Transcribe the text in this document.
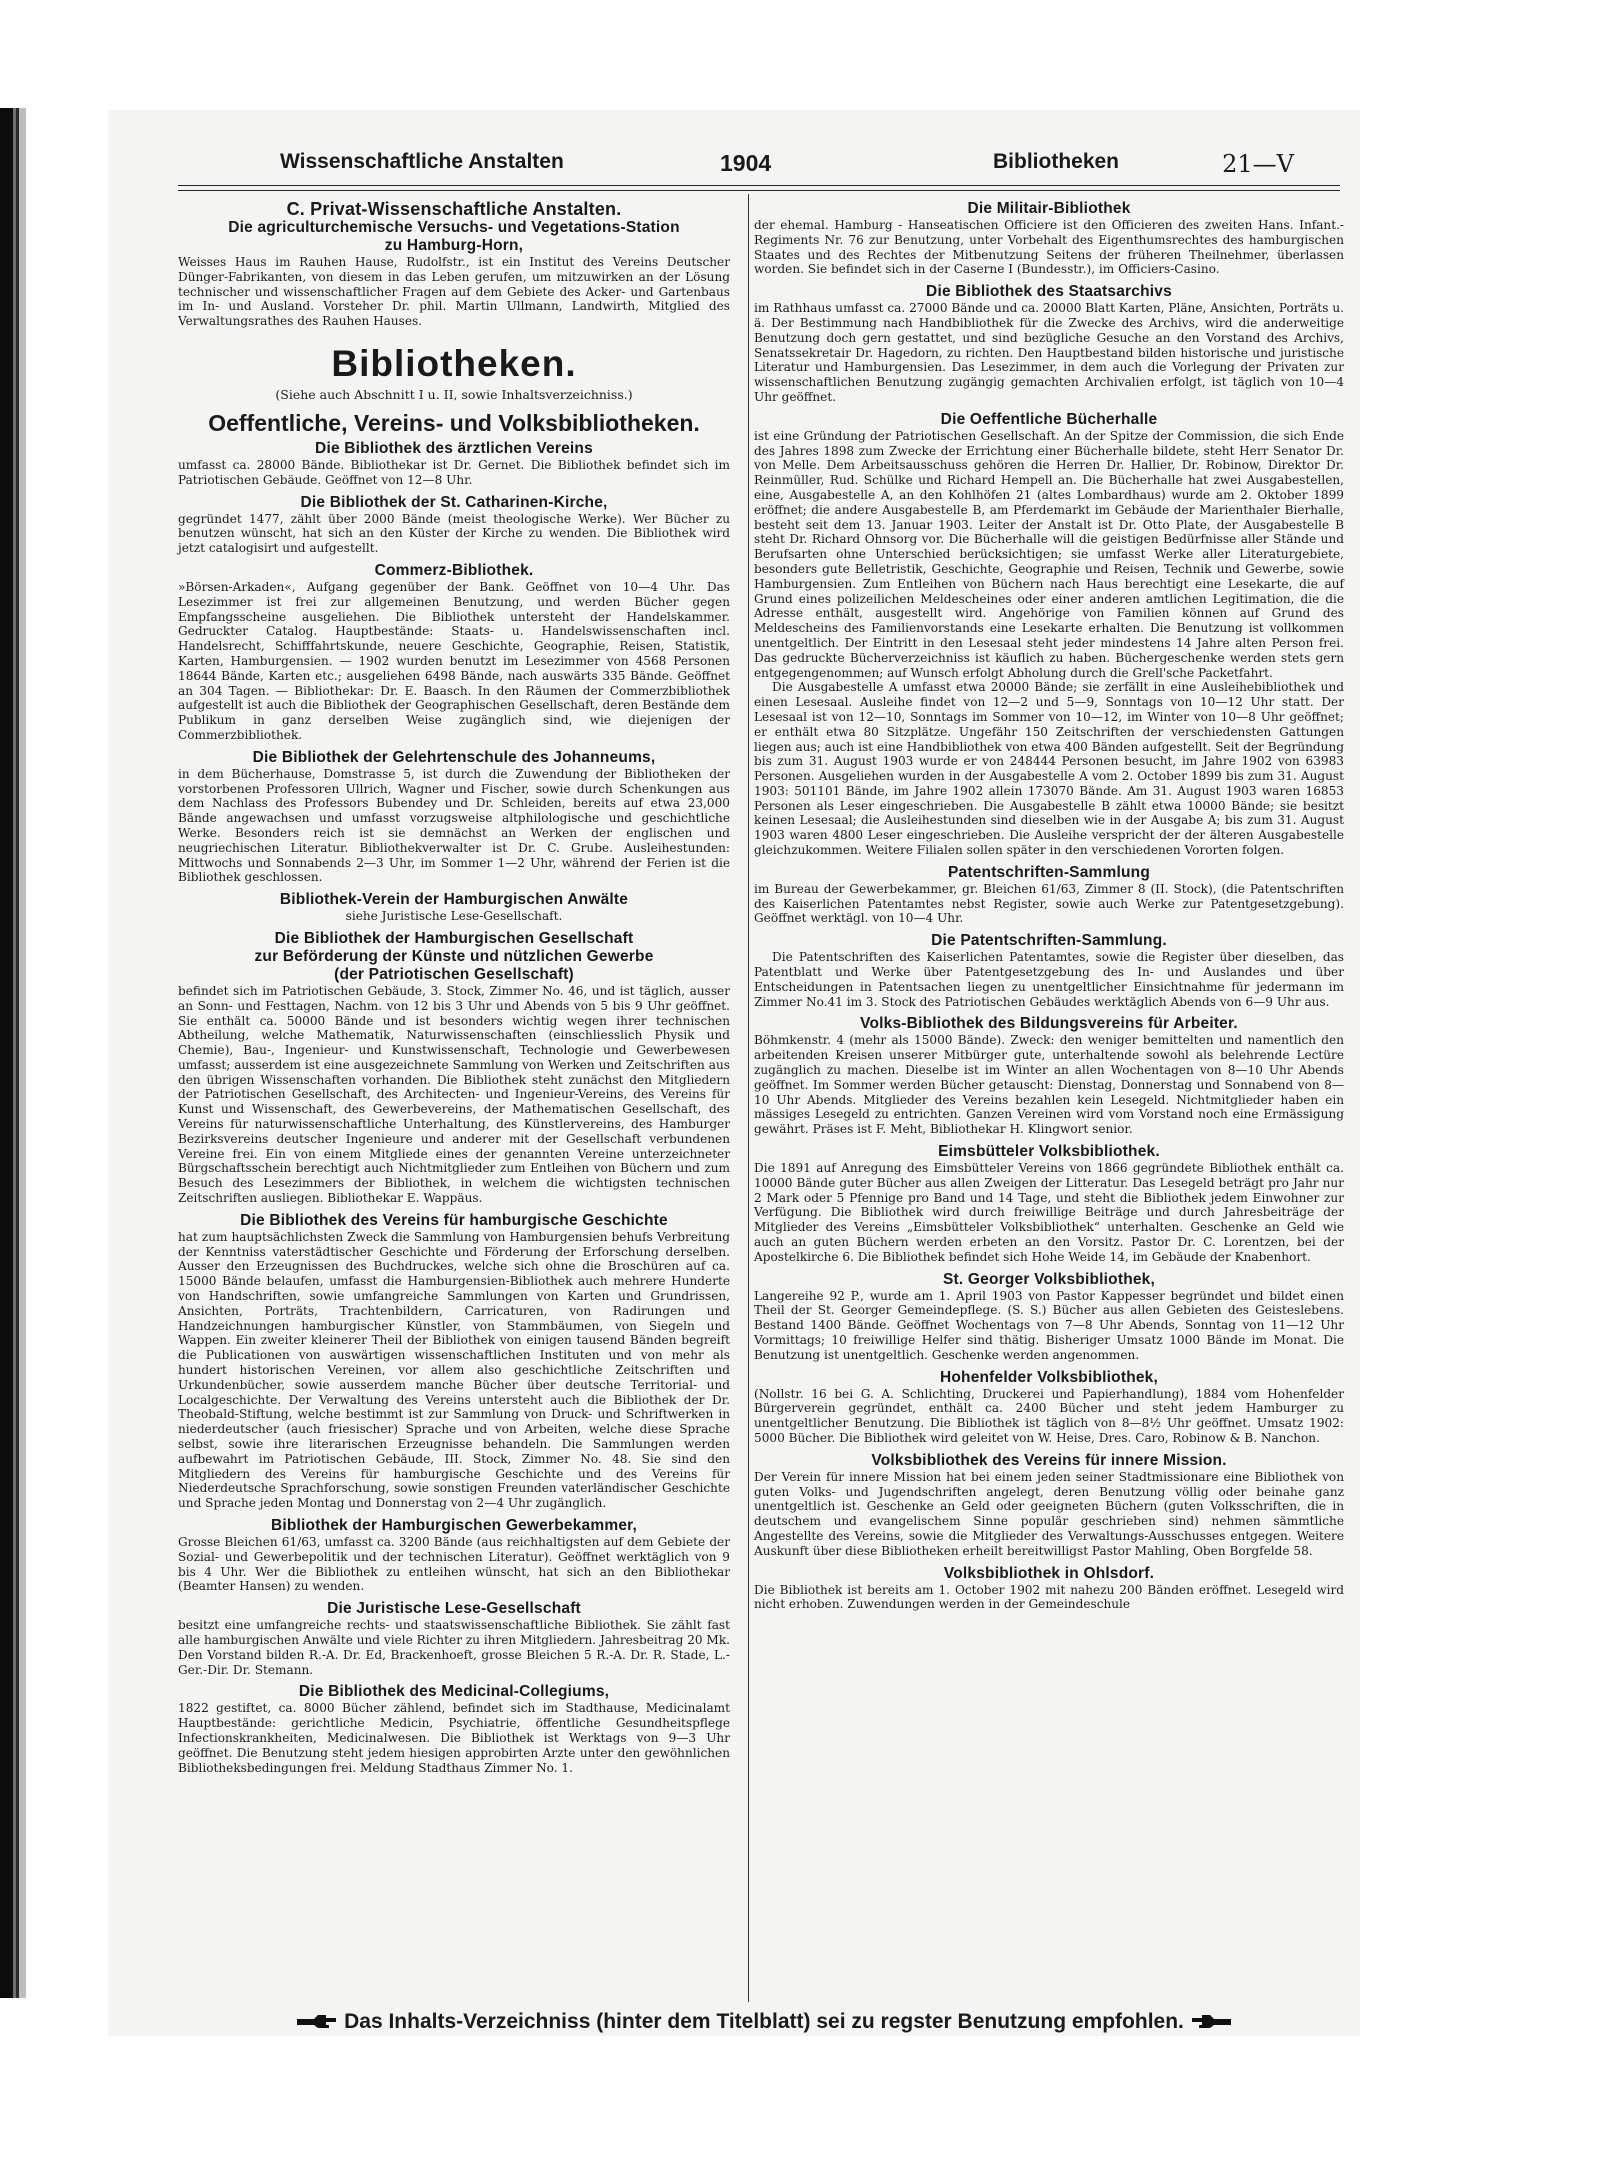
Wissenschaftliche Anstalten	1904	Bibliotheken	21—V
C. Privat-Wissenschaftliche Anstalten.
Die agriculturchemische Versuchs- und Vegetations-Station
zu Hamburg-Horn,

Weisses Haus im Rauhen Hause, Rudolfstr., ist ein Institut des Vereins Deutscher Dünger-Fabrikanten, von diesem in das Leben gerufen, um mitzuwirken an der Lösung technischer und wissenschaftlicher Fragen auf dem Gebiete des Acker- und Gartenbaus im In- und Ausland. Vorsteher Dr. phil. Martin Ullmann, Landwirth, Mitglied des Verwaltungsrathes des Rauhen Hauses.

Bibliotheken.
(Siehe auch Abschnitt I u. II, sowie Inhaltsverzeichniss.)
Oeffentliche, Vereins- und Volksbibliotheken.
Die Bibliothek des ärztlichen Vereins

umfasst ca. 28000 Bände. Bibliothekar ist Dr. Gernet. Die Bibliothek befindet sich im Patriotischen Gebäude. Geöffnet von 12—8 Uhr.

Die Bibliothek der St. Catharinen-Kirche,

gegründet 1477, zählt über 2000 Bände (meist theologische Werke). Wer Bücher zu benutzen wünscht, hat sich an den Küster der Kirche zu wenden. Die Bibliothek wird jetzt catalogisirt und aufgestellt.

Commerz-Bibliothek.

»Börsen-Arkaden«, Aufgang gegenüber der Bank. Geöffnet von 10—4 Uhr. Das Lesezimmer ist frei zur allgemeinen Benutzung, und werden Bücher gegen Empfangsscheine ausgeliehen. Die Bibliothek untersteht der Handelskammer. Gedruckter Catalog. Hauptbestände: Staats- u. Handelswissenschaften incl. Handelsrecht, Schifffahrtskunde, neuere Geschichte, Geographie, Reisen, Statistik, Karten, Hamburgensien. — 1902 wurden benutzt im Lesezimmer von 4568 Personen 18644 Bände, Karten etc.; ausgeliehen 6498 Bände, nach auswärts 335 Bände. Geöffnet an 304 Tagen. — Bibliothekar: Dr. E. Baasch. In den Räumen der Commerzbibliothek aufgestellt ist auch die Bibliothek der Geographischen Gesellschaft, deren Bestände dem Publikum in ganz derselben Weise zugänglich sind, wie diejenigen der Commerzbibliothek.

Die Bibliothek der Gelehrtenschule des Johanneums,

in dem Bücherhause, Domstrasse 5, ist durch die Zuwendung der Bibliotheken der vorstorbenen Professoren Ullrich, Wagner und Fischer, sowie durch Schenkungen aus dem Nachlass des Professors Bubendey und Dr. Schleiden, bereits auf etwa 23,000 Bände angewachsen und umfasst vorzugsweise altphilologische und geschichtliche Werke. Besonders reich ist sie demnächst an Werken der englischen und neugriechischen Literatur. Bibliothekverwalter ist Dr. C. Grube. Ausleihestunden: Mittwochs und Sonnabends 2—3 Uhr, im Sommer 1—2 Uhr, während der Ferien ist die Bibliothek geschlossen.

Bibliothek-Verein der Hamburgischen Anwälte

siehe Juristische Lese-Gesellschaft.

Die Bibliothek der Hamburgischen Gesellschaft
zur Beförderung der Künste und nützlichen Gewerbe
(der Patriotischen Gesellschaft)

befindet sich im Patriotischen Gebäude, 3. Stock, Zimmer No. 46, und ist täglich, ausser an Sonn- und Festtagen, Nachm. von 12 bis 3 Uhr und Abends von 5 bis 9 Uhr geöffnet. Sie enthält ca. 50000 Bände und ist besonders wichtig wegen ihrer technischen Abtheilung, welche Mathematik, Naturwissenschaften (einschliesslich Physik und Chemie), Bau-, Ingenieur- und Kunstwissenschaft, Technologie und Gewerbewesen umfasst; ausserdem ist eine ausgezeichnete Sammlung von Werken und Zeitschriften aus den übrigen Wissenschaften vorhanden. Die Bibliothek steht zunächst den Mitgliedern der Patriotischen Gesellschaft, des Architecten- und Ingenieur-Vereins, des Vereins für Kunst und Wissenschaft, des Gewerbevereins, der Mathematischen Gesellschaft, des Vereins für naturwissenschaftliche Unterhaltung, des Künstlervereins, des Hamburger Bezirksvereins deutscher Ingenieure und anderer mit der Gesellschaft verbundenen Vereine frei. Ein von einem Mitgliede eines der genannten Vereine unterzeichneter Bürgschaftsschein berechtigt auch Nichtmitglieder zum Entleihen von Büchern und zum Besuch des Lesezimmers der Bibliothek, in welchem die wichtigsten technischen Zeitschriften ausliegen. Bibliothekar E. Wappäus.

Die Bibliothek des Vereins für hamburgische Geschichte

hat zum hauptsächlichsten Zweck die Sammlung von Hamburgensien behufs Verbreitung der Kenntniss vaterstädtischer Geschichte und Förderung der Erforschung derselben. Ausser den Erzeugnissen des Buchdruckes, welche sich ohne die Broschüren auf ca. 15000 Bände belaufen, umfasst die Hamburgensien-Bibliothek auch mehrere Hunderte von Handschriften, sowie umfangreiche Sammlungen von Karten und Grundrissen, Ansichten, Porträts, Trachtenbildern, Carricaturen, von Radirungen und Handzeichnungen hamburgischer Künstler, von Stammbäumen, von Siegeln und Wappen. Ein zweiter kleinerer Theil der Bibliothek von einigen tausend Bänden begreift die Publicationen von auswärtigen wissenschaftlichen Instituten und von mehr als hundert historischen Vereinen, vor allem also geschichtliche Zeitschriften und Urkundenbücher, sowie ausserdem manche Bücher über deutsche Territorial- und Localgeschichte. Der Verwaltung des Vereins untersteht auch die Bibliothek der Dr. Theobald-Stiftung, welche bestimmt ist zur Sammlung von Druck- und Schriftwerken in niederdeutscher (auch friesischer) Sprache und von Arbeiten, welche diese Sprache selbst, sowie ihre literarischen Erzeugnisse behandeln. Die Sammlungen werden aufbewahrt im Patriotischen Gebäude, III. Stock, Zimmer No. 48. Sie sind den Mitgliedern des Vereins für hamburgische Geschichte und des Vereins für Niederdeutsche Sprachforschung, sowie sonstigen Freunden vaterländischer Geschichte und Sprache jeden Montag und Donnerstag von 2—4 Uhr zugänglich.

Bibliothek der Hamburgischen Gewerbekammer,

Grosse Bleichen 61/63, umfasst ca. 3200 Bände (aus reichhaltigsten auf dem Gebiete der Sozial- und Gewerbepolitik und der technischen Literatur). Geöffnet werktäglich von 9 bis 4 Uhr. Wer die Bibliothek zu entleihen wünscht, hat sich an den Bibliothekar (Beamter Hansen) zu wenden.

Die Juristische Lese-Gesellschaft

besitzt eine umfangreiche rechts- und staatswissenschaftliche Bibliothek. Sie zählt fast alle hamburgischen Anwälte und viele Richter zu ihren Mitgliedern. Jahresbeitrag 20 Mk. Den Vorstand bilden R.-A. Dr. Ed, Brackenhoeft, grosse Bleichen 5 R.-A. Dr. R. Stade, L.-Ger.-Dir. Dr. Stemann.

Die Bibliothek des Medicinal-Collegiums,

1822 gestiftet, ca. 8000 Bücher zählend, befindet sich im Stadthause, Medicinalamt Hauptbestände: gerichtliche Medicin, Psychiatrie, öffentliche Gesundheitspflege Infectionskrankheiten, Medicinalwesen. Die Bibliothek ist Werktags von 9—3 Uhr geöffnet. Die Benutzung steht jedem hiesigen approbirten Arzte unter den gewöhnlichen Bibliotheksbedingungen frei. Meldung Stadthaus Zimmer No. 1.

Die Militair-Bibliothek

der ehemal. Hamburg - Hanseatischen Officiere ist den Officieren des zweiten Hans. Infant.-Regiments Nr. 76 zur Benutzung, unter Vorbehalt des Eigenthumsrechtes des hamburgischen Staates und des Rechtes der Mitbenutzung Seitens der früheren Theilnehmer, überlassen worden. Sie befindet sich in der Caserne I (Bundesstr.), im Officiers-Casino.

Die Bibliothek des Staatsarchivs

im Rathhaus umfasst ca. 27000 Bände und ca. 20000 Blatt Karten, Pläne, Ansichten, Porträts u. ä. Der Bestimmung nach Handbibliothek für die Zwecke des Archivs, wird die anderweitige Benutzung doch gern gestattet, und sind bezügliche Gesuche an den Vorstand des Archivs, Senatssekretair Dr. Hagedorn, zu richten. Den Hauptbestand bilden historische und juristische Literatur und Hamburgensien. Das Lesezimmer, in dem auch die Vorlegung der Privaten zur wissenschaftlichen Benutzung zugängig gemachten Archivalien erfolgt, ist täglich von 10—4 Uhr geöffnet.

Die Oeffentliche Bücherhalle

ist eine Gründung der Patriotischen Gesellschaft. An der Spitze der Commission, die sich Ende des Jahres 1898 zum Zwecke der Errichtung einer Bücherhalle bildete, steht Herr Senator Dr. von Melle. Dem Arbeitsausschuss gehören die Herren Dr. Hallier, Dr. Robinow, Direktor Dr. Reinmüller, Rud. Schülke und Richard Hempell an. Die Bücherhalle hat zwei Ausgabestellen, eine, Ausgabestelle A, an den Kohlhöfen 21 (altes Lombardhaus) wurde am 2. Oktober 1899 eröffnet; die andere Ausgabestelle B, am Pferdemarkt im Gebäude der Marienthaler Bierhalle, besteht seit dem 13. Januar 1903. Leiter der Anstalt ist Dr. Otto Plate, der Ausgabestelle B steht Dr. Richard Ohnsorg vor. Die Bücherhalle will die geistigen Bedürfnisse aller Stände und Berufsarten ohne Unterschied berücksichtigen; sie umfasst Werke aller Literaturgebiete, besonders gute Belletristik, Geschichte, Geographie und Reisen, Technik und Gewerbe, sowie Hamburgensien. Zum Entleihen von Büchern nach Haus berechtigt eine Lesekarte, die auf Grund eines polizeilichen Meldescheines oder einer anderen amtlichen Legitimation, die die Adresse enthält, ausgestellt wird. Angehörige von Familien können auf Grund des Meldescheins des Familienvorstands eine Lesekarte erhalten. Die Benutzung ist vollkommen unentgeltlich. Der Eintritt in den Lesesaal steht jeder mindestens 14 Jahre alten Person frei. Das gedruckte Bücherverzeichniss ist käuflich zu haben. Büchergeschenke werden stets gern entgegengenommen; auf Wunsch erfolgt Abholung durch die Grell'sche Packetfahrt.

Die Ausgabestelle A umfasst etwa 20000 Bände; sie zerfällt in eine Ausleihebibliothek und einen Lesesaal. Ausleihe findet von 12—2 und 5—9, Sonntags von 10—12 Uhr statt. Der Lesesaal ist von 12—10, Sonntags im Sommer von 10—12, im Winter von 10—8 Uhr geöffnet; er enthält etwa 80 Sitzplätze. Ungefähr 150 Zeitschriften der verschiedensten Gattungen liegen aus; auch ist eine Handbibliothek von etwa 400 Bänden aufgestellt. Seit der Begründung bis zum 31. August 1903 wurde er von 248444 Personen besucht, im Jahre 1902 von 63983 Personen. Ausgeliehen wurden in der Ausgabestelle A vom 2. October 1899 bis zum 31. August 1903: 501101 Bände, im Jahre 1902 allein 173070 Bände. Am 31. August 1903 waren 16853 Personen als Leser eingeschrieben. Die Ausgabestelle B zählt etwa 10000 Bände; sie besitzt keinen Lesesaal; die Ausleihestunden sind dieselben wie in der Ausgabe A; bis zum 31. August 1903 waren 4800 Leser eingeschrieben. Die Ausleihe verspricht der der älteren Ausgabestelle gleichzukommen. Weitere Filialen sollen später in den verschiedenen Vororten folgen.

Patentschriften-Sammlung

im Bureau der Gewerbekammer, gr. Bleichen 61/63, Zimmer 8 (II. Stock), (die Patentschriften des Kaiserlichen Patentamtes nebst Register, sowie auch Werke zur Patentgesetzgebung). Geöffnet werktägl. von 10—4 Uhr.

Die Patentschriften-Sammlung.

Die Patentschriften des Kaiserlichen Patentamtes, sowie die Register über dieselben, das Patentblatt und Werke über Patentgesetzgebung des In- und Auslandes und über Entscheidungen in Patentsachen liegen zu unentgeltlicher Einsichtnahme für jedermann im Zimmer No.41 im 3. Stock des Patriotischen Gebäudes werktäglich Abends von 6—9 Uhr aus.

Volks-Bibliothek des Bildungsvereins für Arbeiter.

Böhmkenstr. 4 (mehr als 15000 Bände). Zweck: den weniger bemittelten und namentlich den arbeitenden Kreisen unserer Mitbürger gute, unterhaltende sowohl als belehrende Lectüre zugänglich zu machen. Dieselbe ist im Winter an allen Wochentagen von 8—10 Uhr Abends geöffnet. Im Sommer werden Bücher getauscht: Dienstag, Donnerstag und Sonnabend von 8—10 Uhr Abends. Mitglieder des Vereins bezahlen kein Lesegeld. Nichtmitglieder haben ein mässiges Lesegeld zu entrichten. Ganzen Vereinen wird vom Vorstand noch eine Ermässigung gewährt. Präses ist F. Meht, Bibliothekar H. Klingwort senior.

Eimsbütteler Volksbibliothek.

Die 1891 auf Anregung des Eimsbütteler Vereins von 1866 gegründete Bibliothek enthält ca. 10000 Bände guter Bücher aus allen Zweigen der Litteratur. Das Lesegeld beträgt pro Jahr nur 2 Mark oder 5 Pfennige pro Band und 14 Tage, und steht die Bibliothek jedem Einwohner zur Verfügung. Die Bibliothek wird durch freiwillige Beiträge und durch Jahresbeiträge der Mitglieder des Vereins „Eimsbütteler Volksbibliothek“ unterhalten. Geschenke an Geld wie auch an guten Büchern werden erbeten an den Vorsitz. Pastor Dr. C. Lorentzen, bei der Apostelkirche 6. Die Bibliothek befindet sich Hohe Weide 14, im Gebäude der Knabenhort.

St. Georger Volksbibliothek,

Langereihe 92 P., wurde am 1. April 1903 von Pastor Kappesser begründet und bildet einen Theil der St. Georger Gemeindepflege. (S. S.) Bücher aus allen Gebieten des Geisteslebens. Bestand 1400 Bände. Geöffnet Wochentags von 7—8 Uhr Abends, Sonntag von 11—12 Uhr Vormittags; 10 freiwillige Helfer sind thätig. Bisheriger Umsatz 1000 Bände im Monat. Die Benutzung ist unentgeltlich. Geschenke werden angenommen.

Hohenfelder Volksbibliothek,

(Nollstr. 16 bei G. A. Schlichting, Druckerei und Papierhandlung), 1884 vom Hohenfelder Bürgerverein gegründet, enthält ca. 2400 Bücher und steht jedem Hamburger zu unentgeltlicher Benutzung. Die Bibliothek ist täglich von 8—8½ Uhr geöffnet. Umsatz 1902: 5000 Bücher. Die Bibliothek wird geleitet von W. Heise, Dres. Caro, Robinow & B. Nanchon.

Volksbibliothek des Vereins für innere Mission.

Der Verein für innere Mission hat bei einem jeden seiner Stadtmissionare eine Bibliothek von guten Volks- und Jugendschriften angelegt, deren Benutzung völlig oder beinahe ganz unentgeltlich ist. Geschenke an Geld oder geeigneten Büchern (guten Volksschriften, die in deutschem und evangelischem Sinne populär geschrieben sind) nehmen sämmtliche Angestellte des Vereins, sowie die Mitglieder des Verwaltungs-Ausschusses entgegen. Weitere Auskunft über diese Bibliotheken erheilt bereitwilligst Pastor Mahling, Oben Borgfelde 58.

Volksbibliothek in Ohlsdorf.

Die Bibliothek ist bereits am 1. October 1902 mit nahezu 200 Bänden eröffnet. Lesegeld wird nicht erhoben. Zuwendungen werden in der Gemeindeschule

Das Inhalts-Verzeichniss (hinter dem Titelblatt) sei zu regster Benutzung empfohlen.
